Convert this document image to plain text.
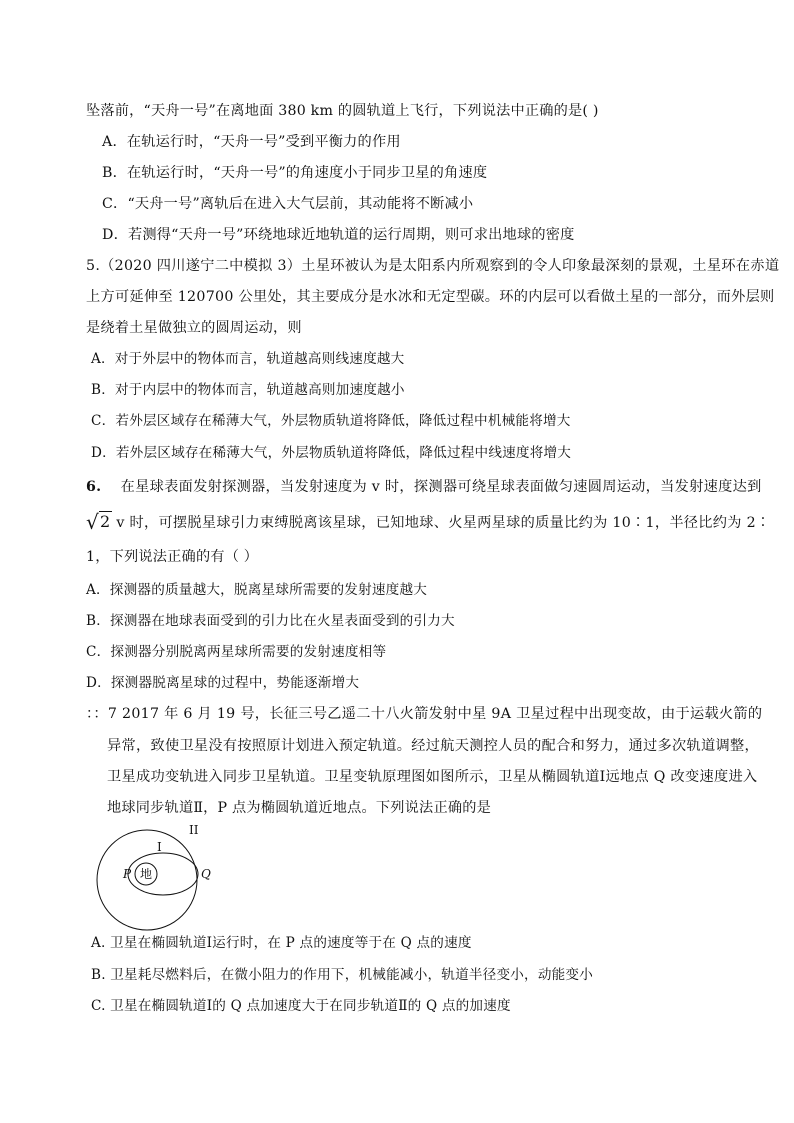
坠落前，“天舟一号”在离地面 380 km 的圆轨道上飞行，下列说法中正确的是( )
A．在轨运行时，“天舟一号”受到平衡力的作用
B．在轨运行时，“天舟一号”的角速度小于同步卫星的角速度
C．“天舟一号”离轨后在进入大气层前，其动能将不断减小
D．若测得“天舟一号”环绕地球近地轨道的运行周期，则可求出地球的密度
5.（2020 四川遂宁二中模拟 3）土星环被认为是太阳系内所观察到的令人印象最深刻的景观，土星环在赤道
上方可延伸至 120700 公里处，其主要成分是水冰和无定型碳。环的内层可以看做土星的一部分，而外层则
是绕着土星做独立的圆周运动，则
A．对于外层中的物体而言，轨道越高则线速度越大
B．对于内层中的物体而言，轨道越高则加速度越小
C．若外层区域存在稀薄大气，外层物质轨道将降低，降低过程中机械能将增大
D．若外层区域存在稀薄大气，外层物质轨道将降低，降低过程中线速度将增大
6. 在星球表面发射探测器，当发射速度为 v 时，探测器可绕星球表面做匀速圆周运动，当发射速度达到
√2 v 时，可摆脱星球引力束缚脱离该星球，已知地球、火星两星球的质量比约为 10∶1，半径比约为 2∶
1，下列说法正确的有（ ）
A．探测器的质量越大，脱离星球所需要的发射速度越大
B．探测器在地球表面受到的引力比在火星表面受到的引力大
C．探测器分别脱离两星球所需要的发射速度相等
D．探测器脱离星球的过程中，势能逐渐增大
：：7 2017 年 6 月 19 号，长征三号乙遥二十八火箭发射中星 9A 卫星过程中出现变故，由于运载火箭的
异常，致使卫星没有按照原计划进入预定轨道。经过航天测控人员的配合和努力，通过多次轨道调整，
卫星成功变轨进入同步卫星轨道。卫星变轨原理图如图所示，卫星从椭圆轨道Ⅰ远地点 Q 改变速度进入
地球同步轨道Ⅱ，P 点为椭圆轨道近地点。下列说法正确的是
II
I
P	Q
地
A. 卫星在椭圆轨道Ⅰ运行时，在 P 点的速度等于在 Q 点的速度
B. 卫星耗尽燃料后，在微小阻力的作用下，机械能减小，轨道半径变小，动能变小
C. 卫星在椭圆轨道Ⅰ的 Q 点加速度大于在同步轨道Ⅱ的 Q 点的加速度
